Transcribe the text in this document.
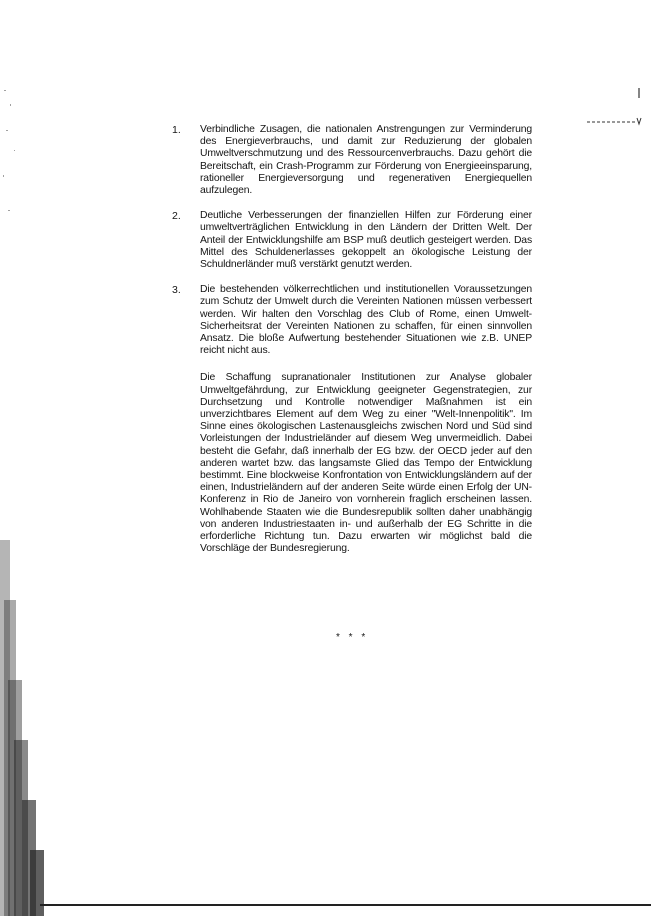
1.	Verbindliche Zusagen, die nationalen Anstrengungen zur Verminderung des Energieverbrauchs, und damit zur Reduzierung der globalen Umweltverschmutzung und des Ressourcenverbrauchs. Dazu gehört die Bereitschaft, ein Crash-Programm zur Förderung von Energieeinsparung, rationeller Energieversorgung und regenerativen Energiequellen aufzulegen.
2.	Deutliche Verbesserungen der finanziellen Hilfen zur Förderung einer umweltverträglichen Entwicklung in den Ländern der Dritten Welt. Der Anteil der Entwicklungshilfe am BSP muß deutlich gesteigert werden. Das Mittel des Schuldenerlasses gekoppelt an ökologische Leistung der Schuldnerländer muß verstärkt genutzt werden.
3.	Die bestehenden völkerrechtlichen und institutionellen Voraussetzungen zum Schutz der Umwelt durch die Vereinten Nationen müssen verbessert werden. Wir halten den Vorschlag des Club of Rome, einen Umwelt-Sicherheitsrat der Vereinten Nationen zu schaffen, für einen sinnvollen Ansatz. Die bloße Aufwertung bestehender Situationen wie z.B. UNEP reicht nicht aus.
Die Schaffung supranationaler Institutionen zur Analyse globaler Umweltgefährdung, zur Entwicklung geeigneter Gegenstrategien, zur Durchsetzung und Kontrolle notwendiger Maßnahmen ist ein unverzichtbares Element auf dem Weg zu einer "Welt-Innenpolitik". Im Sinne eines ökologischen Lastenausgleichs zwischen Nord und Süd sind Vorleistungen der Industrieländer auf diesem Weg unvermeidlich. Dabei besteht die Gefahr, daß innerhalb der EG bzw. der OECD jeder auf den anderen wartet bzw. das langsamste Glied das Tempo der Entwicklung bestimmt. Eine blockweise Konfrontation von Entwicklungsländern auf der einen, Industrieländern auf der anderen Seite würde einen Erfolg der UN-Konferenz in Rio de Janeiro von vornherein fraglich erscheinen lassen. Wohlhabende Staaten wie die Bundesrepublik sollten daher unabhängig von anderen Industriestaaten in- und außerhalb der EG Schritte in die erforderliche Richtung tun. Dazu erwarten wir möglichst bald die Vorschläge der Bundesregierung.
* * *
